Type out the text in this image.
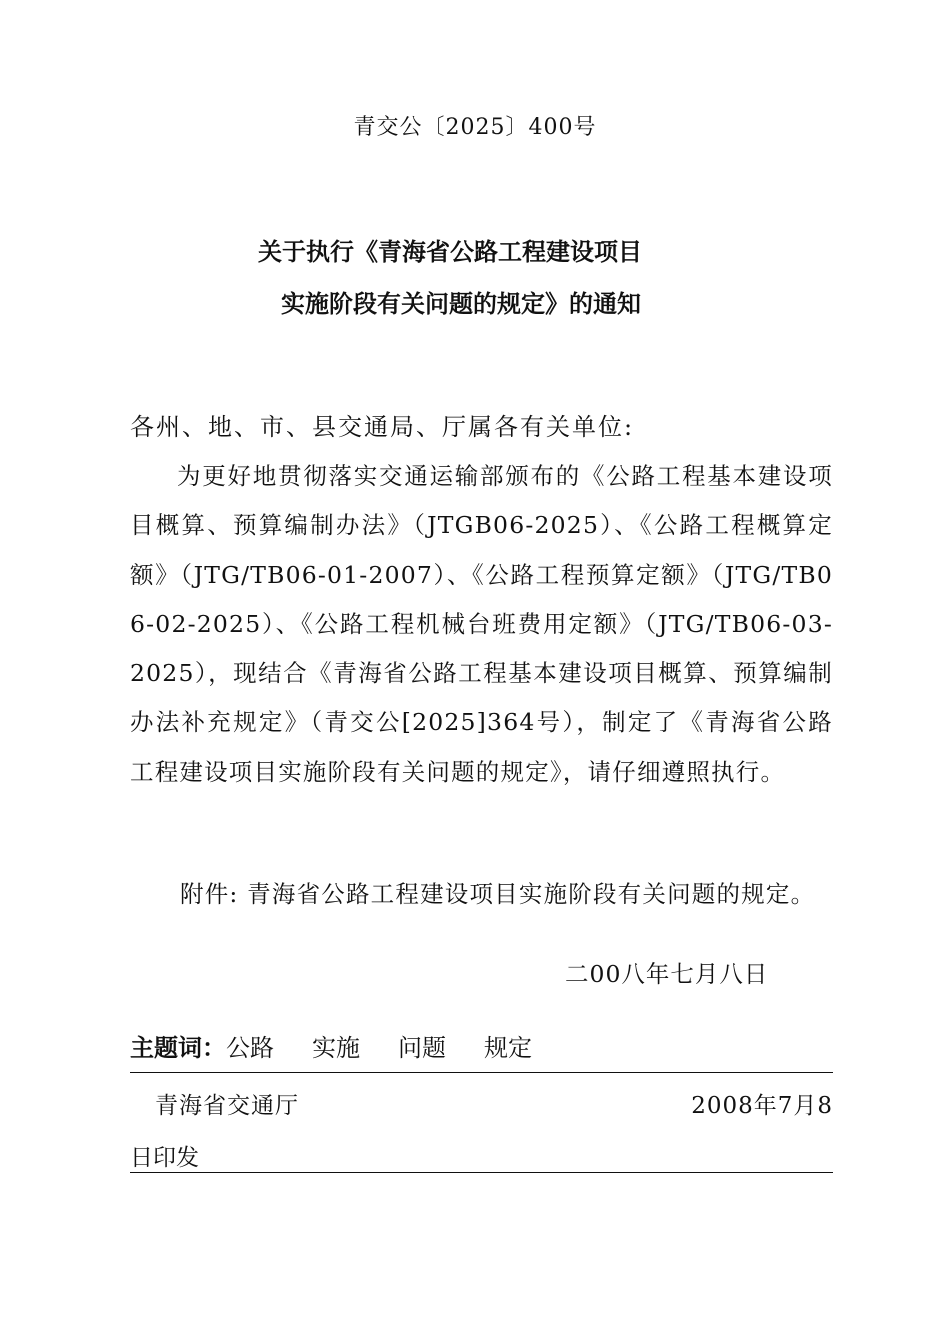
青交公〔2025〕400号
关于执行《青海省公路工程建设项目
实施阶段有关问题的规定》的通知
各州、地、市、县交通局、厅属各有关单位:

为更好地贯彻落实交通运输部颁布的《公路工程基本建设项目概算、预算编制办法》（JTGB06-2025）、《公路工程概算定额》（JTG/TB06-01-2007）、《公路工程预算定额》（JTG/TB06-02-2025）、《公路工程机械台班费用定额》（JTG/TB06-03-2025），现结合《青海省公路工程基本建设项目概算、预算编制办法补充规定》（青交公[2025]364号），制定了《青海省公路工程建设项目实施阶段有关问题的规定》，请仔细遵照执行。

附件: 青海省公路工程建设项目实施阶段有关问题的规定。
二00八年七月八日
主题词：公路 实施 问题 规定
青海省交通厅	2008年7月8
日印发
